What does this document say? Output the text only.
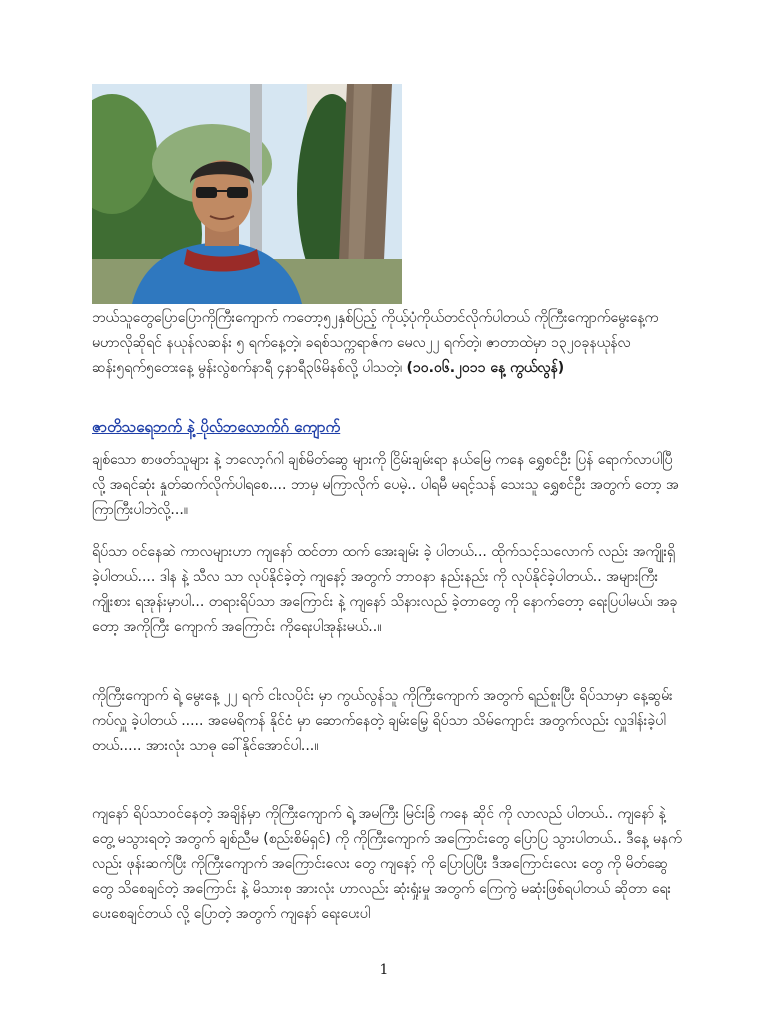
ဘယ်သူတွေပြောပြောကိုကြီးကျောက် ကတော့၅၂နှစ်ပြည့် ကိုယ့်ပုံကိုယ်တင်လိုက်ပါတယ် ကိုကြီးကျောက်မွေးနေ့က မဟာလိုဆိုရင် နယုန်လဆန်း ၅ ရက်နေ့တဲ့၊ ခရစ်သက္ကရာဇ်က မေလ၂၂ ရက်တဲ့၊ ဇာတာထဲမှာ ၁၃၂၀ခုနယုန်လဆန်း၅ရက်၅တေးနေ့ မွန်းလွဲစက်နာရီ ၄နာရီ၃၆မိနစ်လို့ ပါသတဲ့၊ (၁၀.၀၆.၂၀၁၁ နေ့ ကွယ်လွန်)
ဇာတိသရေဘက် နဲ့ ပိုလ်ဘလောက်ဂ် ကျောက်
ချစ်သော စာဖတ်သူများ နဲ့ ဘလော့ဂ်ဂါ ချစ်မိတ်ဆွေ များကို ငြိမ်းချမ်းရာ နယ်မြေ ကနေ ရွှေစင်ဦး ပြန် ရောက်လာပါပြီ လို့ အရင်ဆုံး နှုတ်ဆက်လိုက်ပါရစေ.... ဘာမှ မကြာလိုက် ပေမဲ့.. ပါရမီ မရင့်သန် သေးသူ ရွှေစင်ဦး အတွက် တော့ အကြာကြီးပါဘဲလို့...။
ရိပ်သာ ဝင်နေဆဲ ကာလများဟာ ကျနော် ထင်တာ ထက် အေးချမ်း ခဲ့ ပါတယ်... ထိုက်သင့်သလောက် လည်း အကျိုးရှိခဲ့ပါတယ်.... ဒါန နဲ့ သီလ သာ လုပ်နိုင်ခဲ့တဲ့ ကျနော့် အတွက် ဘာဝနာ နည်းနည်း ကို လုပ်နိုင်ခဲ့ပါတယ်.. အများကြီး ကျိုးစား ရအုန်းမှာပါ... တရားရိပ်သာ အကြောင်း နဲ့ ကျနော် သိနားလည် ခဲ့တာတွေ ကို နောက်တော့ ရေးပြပါမယ်၊ အခုတော့ အကိုကြီး ကျောက် အကြောင်း ကိုရေးပါအုန်းမယ်..။
ကိုကြီးကျောက် ရဲ့ မွေးနေ့ ၂၂ ရက် ငါးလပိုင်း မှာ ကွယ်လွန်သူ ကိုကြီးကျောက် အတွက် ရည်စူးပြီး ရိပ်သာမှာ နေ့ဆွမ်း ကပ်လှူ ခဲ့ပါတယ် ..... အမေရိကန် နိုင်ငံ မှာ ဆောက်နေတဲ့ ချမ်းမြေ့ ရိပ်သာ သိမ်ကျောင်း အတွက်လည်း လှူဒါန်းခဲ့ပါတယ်..... အားလုံး သာဓု ခေါ်နိုင်အောင်ပါ...။
ကျနော် ရိပ်သာဝင်နေတဲ့ အချိန်မှာ ကိုကြီးကျောက် ရဲ့ အမကြီး မြင်းခြံ ကနေ ဆိုင် ကို လာလည် ပါတယ်.. ကျနော် နဲ့ တွေ့ မသွားရတဲ့ အတွက် ချစ်ညီမ (စည်းစိမ်ရှင်) ကို ကိုကြီးကျောက် အကြောင်းတွေ ပြောပြ သွားပါတယ်.. ဒီနေ့ မနက်လည်း ဖုန်းဆက်ပြီး ကိုကြီးကျောက် အကြောင်းလေး တွေ ကျနော့် ကို ပြောပြပြီး ဒီအကြောင်းလေး တွေ ကို မိတ်ဆွေ တွေ သိစေချင်တဲ့ အကြောင်း နဲ့ မိသားစု အားလုံး ဟာလည်း ဆုံးရှုံးမှု အတွက် ကြေကွဲ မဆုံးဖြစ်ရပါတယ် ဆိုတာ ရေးပေးစေချင်တယ် လို့ ပြောတဲ့ အတွက် ကျနော် ရေးပေးပါ
1
